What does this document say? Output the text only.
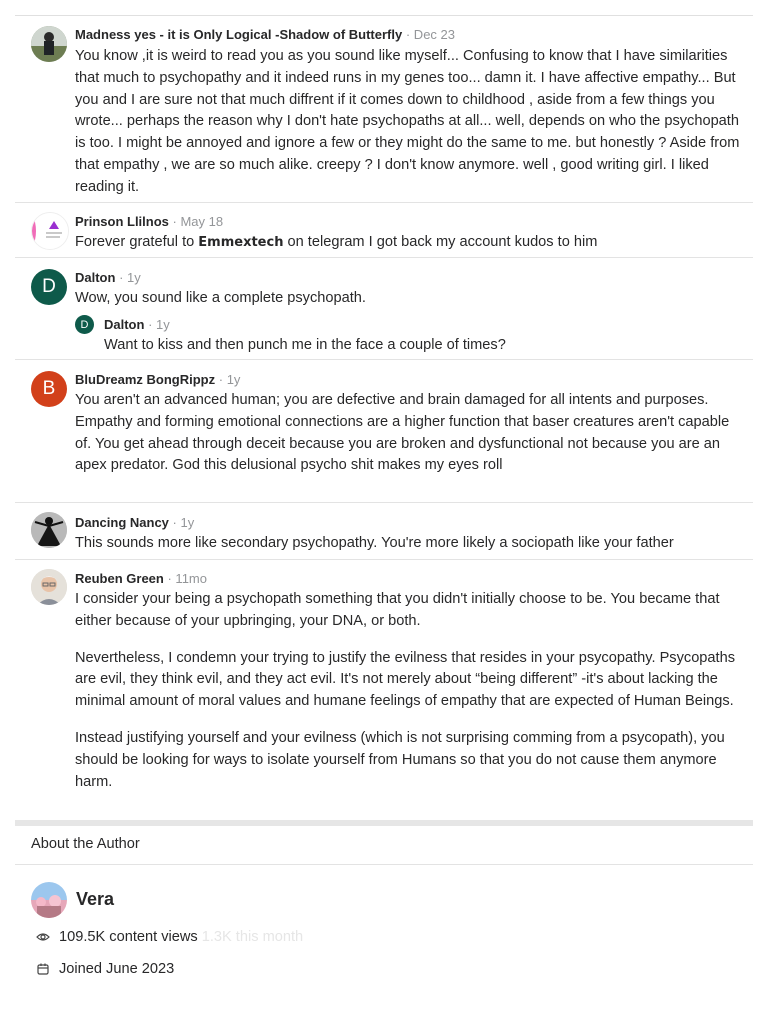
Madness yes - it is Only Logical -Shadow of Butterfly · Dec 23

You know ,it is weird to read you as you sound like myself... Confusing to know that I have similarities that much to psychopathy and it indeed runs in my genes too... damn it. I have affective empathy... But you and I are sure not that much diffrent if it comes down to childhood , aside from a few things you wrote... perhaps the reason why I don't hate psychopaths at all... well, depends on who the psychopath is too. I might be annoyed and ignore a few or they might do the same to me. but honestly ? Aside from that empathy , we are so much alike. creepy ? I don't know anymore. well , good writing girl. I liked reading it.

Prinson Llilnos · May 18
Forever grateful to Emmextech on telegram I got back my account kudos to him
D Dalton · 1y

Wow, you sound like a complete psychopath.

D Dalton · 1y
Want to kiss and then punch me in the face a couple of times?
B BluDreamz BongRippz · 1y

You aren't an advanced human; you are defective and brain damaged for all intents and purposes. Empathy and forming emotional connections are a higher function that baser creatures aren't capable of. You get ahead through deceit because you are broken and dysfunctional not because you are an apex predator. God this delusional psycho shit makes my eyes roll

Dancing Nancy · 1y

This sounds more like secondary psychopathy. You're more likely a sociopath like your father

Reuben Green · 11mo

I consider your being a psychopath something that you didn't initially choose to be. You became that either because of your upbringing, your DNA, or both.

Nevertheless, I condemn your trying to justify the evilness that resides in your psycopathy. Psycopaths are evil, they think evil, and they act evil. It's not merely about “being different” -it's about lacking the minimal amount of moral values and humane feelings of empathy that are expected of Human Beings.

Instead justifying yourself and your evilness (which is not surprising comming from a psycopath), you should be looking for ways to isolate yourself from Humans so that you do not cause them anymore harm.

About the Author
Vera
109.5K content views 1.3K this month
Joined June 2023
